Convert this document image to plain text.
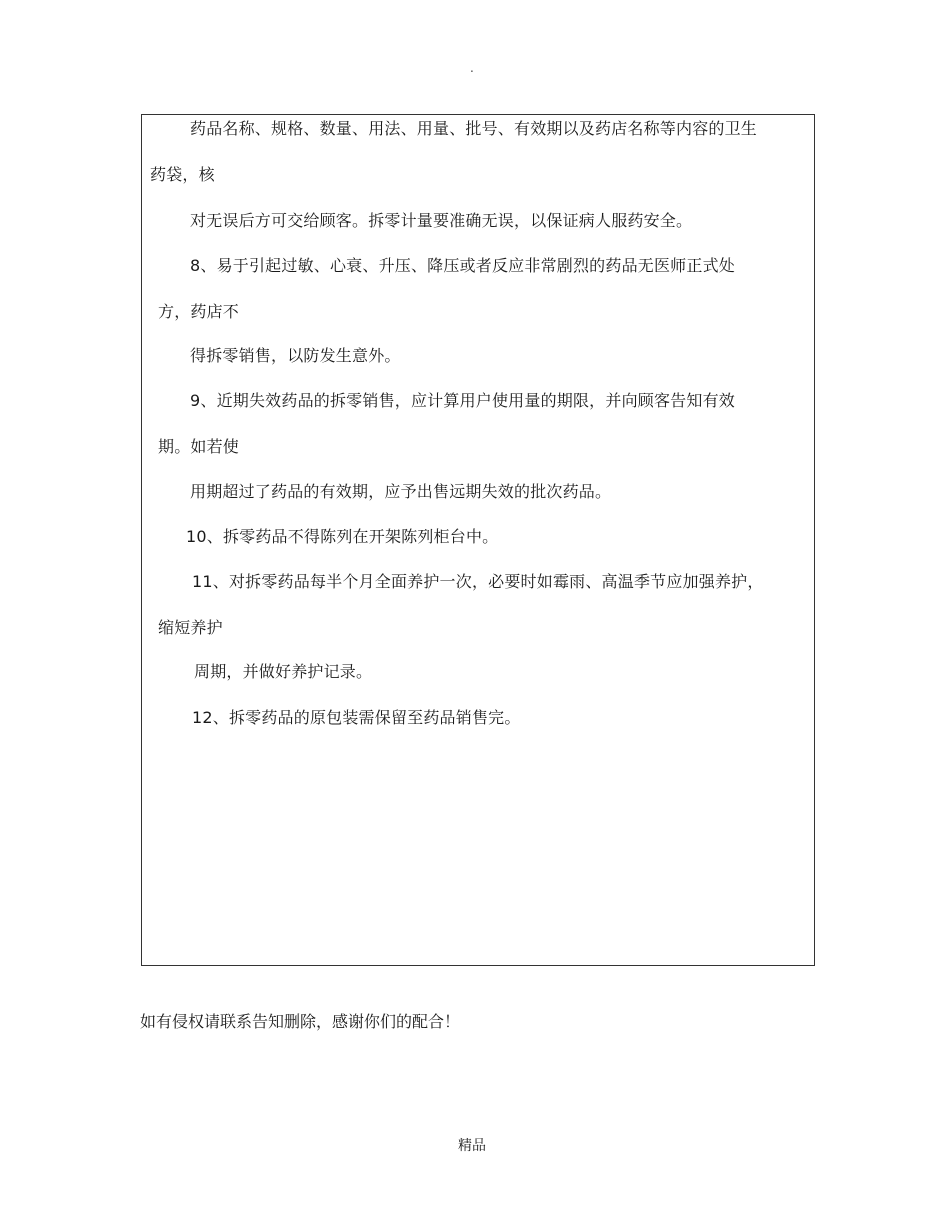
.
药品名称、规格、数量、用法、用量、批号、有效期以及药店名称等内容的卫生
药袋，核
对无误后方可交给顾客。拆零计量要准确无误，以保证病人服药安全。
8、易于引起过敏、心衰、升压、降压或者反应非常剧烈的药品无医师正式处
方，药店不
得拆零销售，以防发生意外。
9、近期失效药品的拆零销售，应计算用户使用量的期限，并向顾客告知有效
期。如若使
用期超过了药品的有效期，应予出售远期失效的批次药品。
10、拆零药品不得陈列在开架陈列柜台中。
11、对拆零药品每半个月全面养护一次，必要时如霉雨、高温季节应加强养护，
缩短养护
周期，并做好养护记录。
12、拆零药品的原包装需保留至药品销售完。
如有侵权请联系告知删除，感谢你们的配合！
精品
